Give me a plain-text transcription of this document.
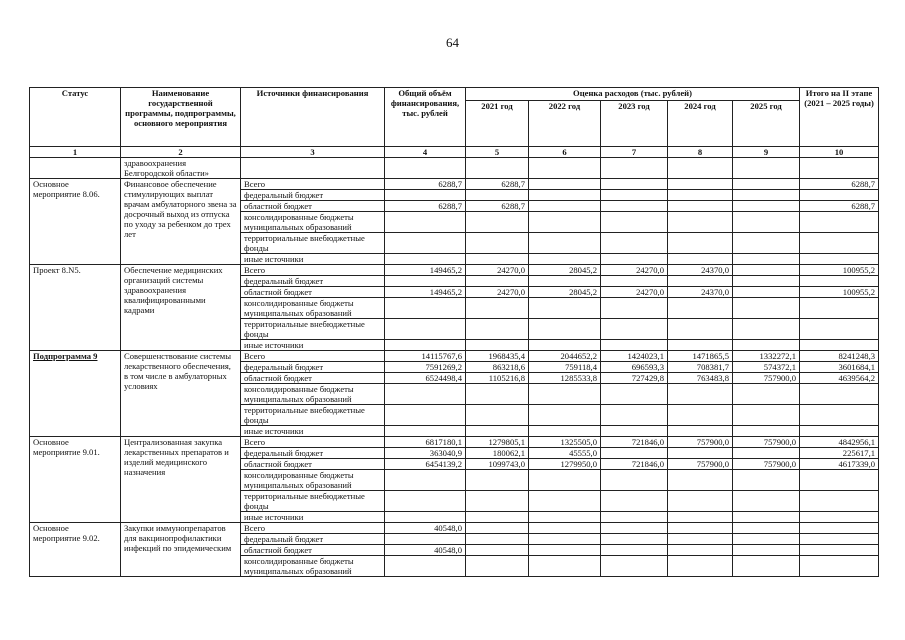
64
Статус	Наименование государственной программы, подпрограммы, основного мероприятия	Источники финансирования	Общий объём финансирования, тыс. рублей	Оценка расходов (тыс. рублей)					Итого на II этапе (2021 – 2025 годы)
				2021 год	2022 год	2023 год	2024 год	2025 год	
1	2	3	4	5	6	7	8	9	10
	здравоохранения Белгородской области»								
Основное мероприятие 8.06.	Финансовое обеспечение стимулирующих выплат врачам амбулаторного звена за досрочный выход из отпуска по уходу за ребенком до трех лет	Всего	6288,7	6288,7					6288,7
		федеральный бюджет							
		областной бюджет	6288,7	6288,7					6288,7
		консолидированные бюджеты муниципальных образований							
		территориальные внебюджетные фонды							
		иные источники							
Проект 8.N5.	Обеспечение медицинских организаций системы здравоохранения квалифицированными кадрами	Всего	149465,2	24270,0	28045,2	24270,0	24370,0		100955,2
		федеральный бюджет							
		областной бюджет	149465,2	24270,0	28045,2	24270,0	24370,0		100955,2
		консолидированные бюджеты муниципальных образований							
		территориальные внебюджетные фонды							
		иные источники							
Подпрограмма 9	Совершенствование системы лекарственного обеспечения, в том числе в амбулаторных условиях	Всего	14115767,6	1968435,4	2044652,2	1424023,1	1471865,5	1332272,1	8241248,3
		федеральный бюджет	7591269,2	863218,6	759118,4	696593,3	708381,7	574372,1	3601684,1
		областной бюджет	6524498,4	1105216,8	1285533,8	727429,8	763483,8	757900,0	4639564,2
		консолидированные бюджеты муниципальных образований							
		территориальные внебюджетные фонды							
		иные источники							
Основное мероприятие 9.01.	Централизованная закупка лекарственных препаратов и изделий медицинского назначения	Всего	6817180,1	1279805,1	1325505,0	721846,0	757900,0	757900,0	4842956,1
		федеральный бюджет	363040,9	180062,1	45555,0				225617,1
		областной бюджет	6454139,2	1099743,0	1279950,0	721846,0	757900,0	757900,0	4617339,0
		консолидированные бюджеты муниципальных образований							
		территориальные внебюджетные фонды							
		иные источники							
Основное мероприятие 9.02.	Закупки иммунопрепаратов для вакцинопрофилактики инфекций по эпидемическим	Всего	40548,0						
		федеральный бюджет							
		областной бюджет	40548,0						
		консолидированные бюджеты муниципальных образований							
